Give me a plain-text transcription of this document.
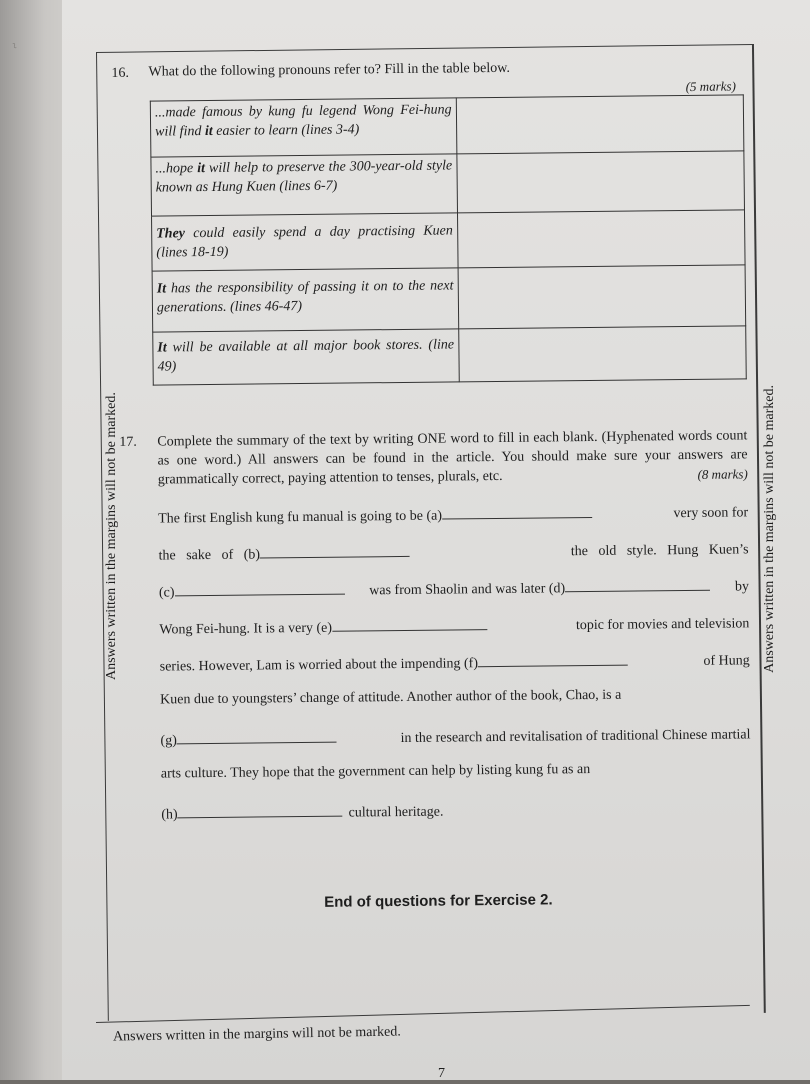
~
16. What do the following pronouns refer to? Fill in the table below.
(5 marks)
...made famous by kung fu legend Wong Fei-hung will find it easier to learn (lines 3-4)	
...hope it will help to preserve the 300-year-old style known as Hung Kuen (lines 6-7)	
They could easily spend a day practising Kuen (lines 18-19)	
It has the responsibility of passing it on to the next generations. (lines 46-47)	
It will be available at all major book stores. (line 49)	
17. Complete the summary of the text by writing ONE word to fill in each blank. (Hyphenated words count as one word.) All answers can be found in the article. You should make sure your answers are grammatically correct, paying attention to tenses, plurals, etc.	(8 marks)
The first English kung fu manual is going to be (a)	very soon for
the   sake   of   (b)	the   old   style.   Hung   Kuen’s
(c)	was from Shaolin and was later (d)	by
Wong Fei-hung. It is a very (e)	topic for movies and television
series. However, Lam is worried about the impending (f)	of Hung
Kuen due to youngsters’ change of attitude. Another author of the book, Chao, is a
(g)	in the research and revitalisation of traditional Chinese martial
arts culture. They hope that the government can help by listing kung fu as an
(h)	cultural heritage.
End of questions for Exercise 2.
Answers written in the margins will not be marked.	Answers written in the margins will not be marked.
Answers written in the margins will not be marked.
7
